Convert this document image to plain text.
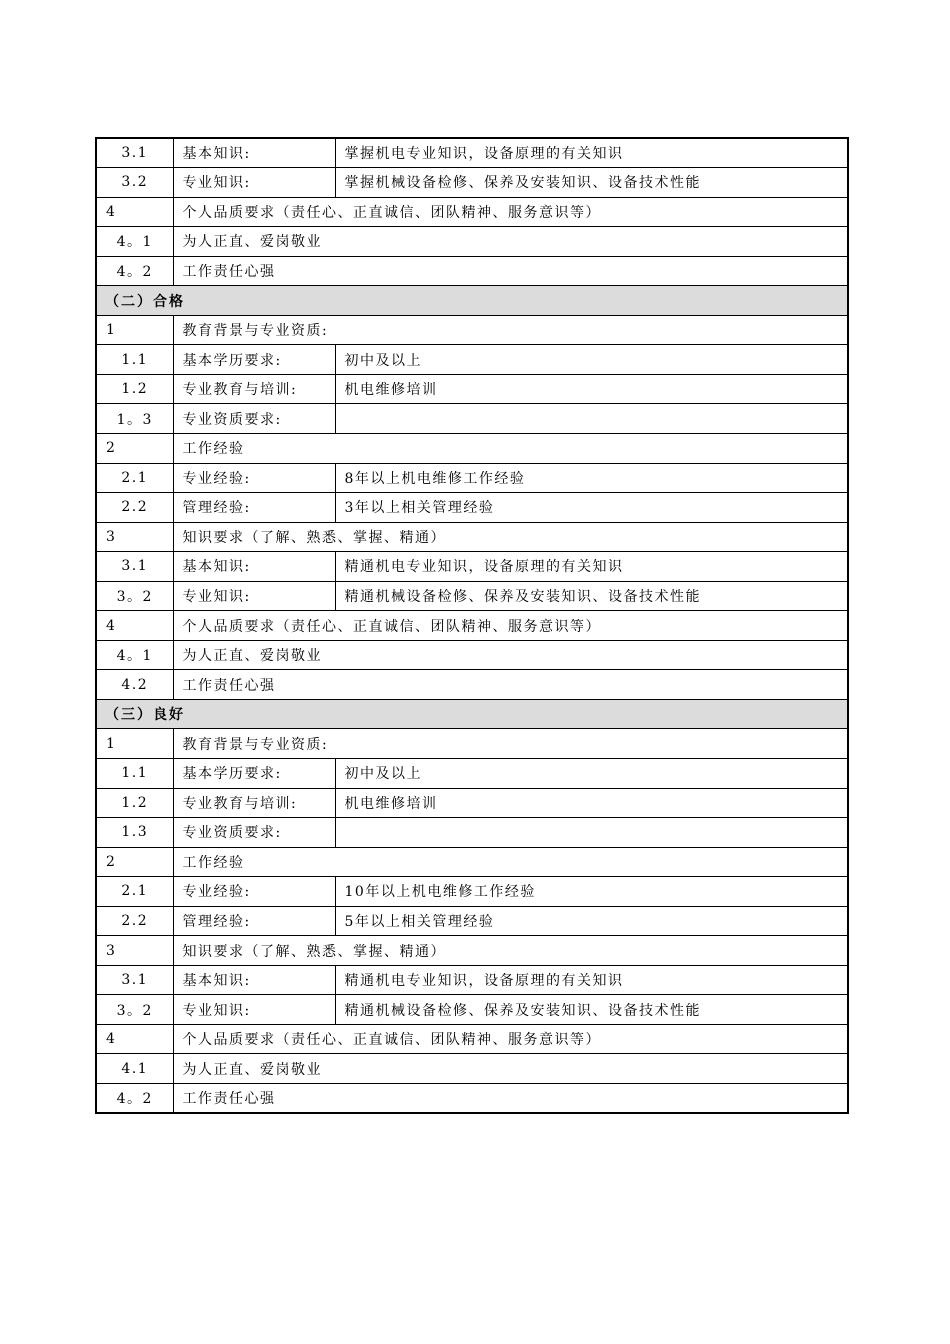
3.1	基本知识:	掌握机电专业知识，设备原理的有关知识
3.2	专业知识:	掌握机械设备检修、保养及安装知识、设备技术性能
4	个人品质要求（责任心、正直诚信、团队精神、服务意识等）	
4。1	为人正直、爱岗敬业	
4。2	工作责任心强	
（二）合格		
1	教育背景与专业资质:	
1.1	基本学历要求:	初中及以上
1.2	专业教育与培训:	机电维修培训
1。3	专业资质要求:	
2	工作经验	
2.1	专业经验:	8年以上机电维修工作经验
2.2	管理经验:	3年以上相关管理经验
3	知识要求（了解、熟悉、掌握、精通）	
3.1	基本知识:	精通机电专业知识，设备原理的有关知识
3。2	专业知识:	精通机械设备检修、保养及安装知识、设备技术性能
4	个人品质要求（责任心、正直诚信、团队精神、服务意识等）	
4。1	为人正直、爱岗敬业	
4.2	工作责任心强	
（三）良好		
1	教育背景与专业资质:	
1.1	基本学历要求:	初中及以上
1.2	专业教育与培训:	机电维修培训
1.3	专业资质要求:	
2	工作经验	
2.1	专业经验:	10年以上机电维修工作经验
2.2	管理经验:	5年以上相关管理经验
3	知识要求（了解、熟悉、掌握、精通）	
3.1	基本知识:	精通机电专业知识，设备原理的有关知识
3。2	专业知识:	精通机械设备检修、保养及安装知识、设备技术性能
4	个人品质要求（责任心、正直诚信、团队精神、服务意识等）	
4.1	为人正直、爱岗敬业	
4。2	工作责任心强	
